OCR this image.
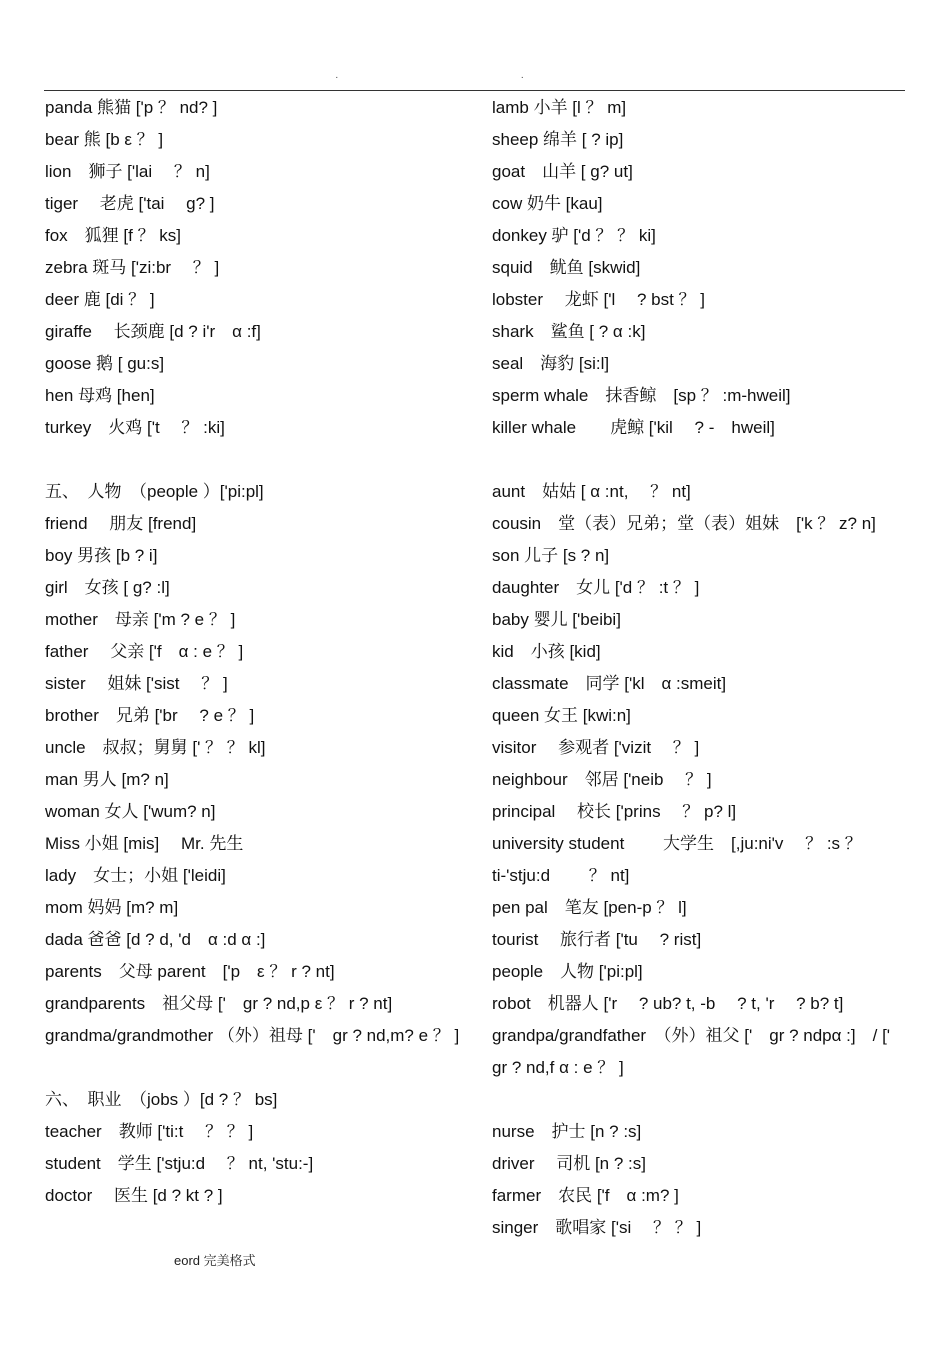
. .
panda 熊猫 ['p ？ nd? ]
bear 熊 [b ε ？ ]
lion　狮子 ['lai　 ？ n]
tiger　 老虎 ['tai　 g? ]
fox　狐狸 [f ？ ks]
zebra 斑马 ['zi:br　 ？ ]
deer 鹿 [di ？ ]
giraffe　 长颈鹿 [d ? i'r　α :f]
goose 鹅 [ gu:s]
hen 母鸡 [hen]
turkey　火鸡 ['t　 ？ :ki]
五、　人物　（people ）['pi:pl]
friend　 朋友 [frend]
boy 男孩 [b ? i]
girl　女孩 [ g? :l]
mother　母亲 ['m ? e ？ ]
father　 父亲 ['f　α : e ？ ]
sister　 姐妹 ['sist　 ？ ]
brother　兄弟 ['br　 ? e ？ ]
uncle　叔叔；舅舅 [' ？ ？ kl]
man 男人 [m? n]
woman 女人 ['wum? n]
Miss 小姐 [mis]　 Mr. 先生
lady　女士；小姐 ['leidi]
mom 妈妈 [m? m]
dada 爸爸 [d ? d, 'd　α :d α :]
parents　父母 parent　['p　ε ？ r ? nt]
grandparents　祖父母 ['　gr ? nd,p ε ？ r ? nt]
grandma/grandmother （外）祖母 ['　gr ? nd,m? e ？ ]
六、　职业　（jobs ）[d ? ？ bs]
teacher　教师 ['ti:t　 ？ ？ ]
student　学生 ['stju:d　 ？ nt, 'stu:-]
doctor　 医生 [d ? kt ? ]
lamb 小羊 [l ？ m]
sheep 绵羊 [ ? ip]
goat　山羊 [ g? ut]
cow 奶牛 [kau]
donkey 驴 ['d ？ ？ ki]
squid　鱿鱼 [skwid]
lobster　 龙虾 ['l　 ? bst ？ ]
shark　鲨鱼 [ ? α :k]
seal　海豹 [si:l]
sperm whale　抹香鲸　[sp ？ :m-hweil]
killer whale　　虎鲸 ['kil　 ? -　hweil]
aunt　姑姑 [ α :nt,　 ？ nt]
cousin　堂（表）兄弟；堂（表）姐妹　['k ？ z? n]
son 儿子 [s ? n]
daughter　女儿 ['d ？ :t ？ ]
baby 婴儿 ['beibi]
kid　小孩 [kid]
classmate　同学 ['kl　α :smeit]
queen 女王 [kwi:n]
visitor　 参观者 ['vizit　 ？ ]
neighbour　邻居 ['neib　 ？ ]
principal　 校长 ['prins　 ？ p? l]
university student　　 大学生　[,ju:ni'v　 ？ :s ？
ti-'stju:d　　 ？ nt]
pen pal　笔友 [pen-p ？ l]
tourist　 旅行者 ['tu　 ? rist]
people　人物 ['pi:pl]
robot　机器人 ['r　 ? ub? t, -b　 ? t, 'r　 ? b? t]
grandpa/grandfather　（外）祖父 ['　gr ? ndpα :]　/ ['　gr ? nd,f α : e ？ ]
nurse　护士 [n ? :s]
driver　 司机 [n ? :s]
farmer　农民 ['f　α :m? ]
singer　歌唱家 ['si　 ？ ？ ]
eord 完美格式
